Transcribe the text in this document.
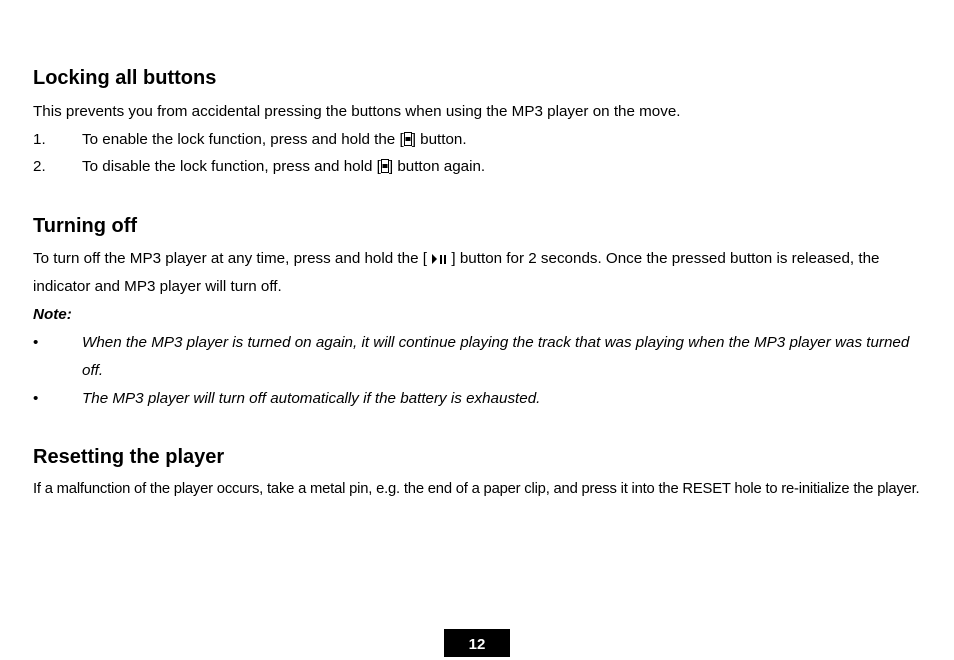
Locking all buttons

This prevents you from accidental pressing the buttons when using the MP3 player on the move.

1.	To enable the lock function, press and hold the [ ] button.
2.	To disable the lock function, press and hold [ ] button again.
Turning off

To turn off the MP3 player at any time, press and hold the [  ] button for 2 seconds. Once the pressed button is released, the indicator and MP3 player will turn off.

Note:
•	When the MP3 player is turned on again, it will continue playing the track that was playing when the MP3 player was turned off.
•	The MP3 player will turn off automatically if the battery is exhausted.
Resetting the player

If a malfunction of the player occurs, take a metal pin, e.g. the end of a paper clip, and press it into the RESET hole to re-initialize the player.

12
